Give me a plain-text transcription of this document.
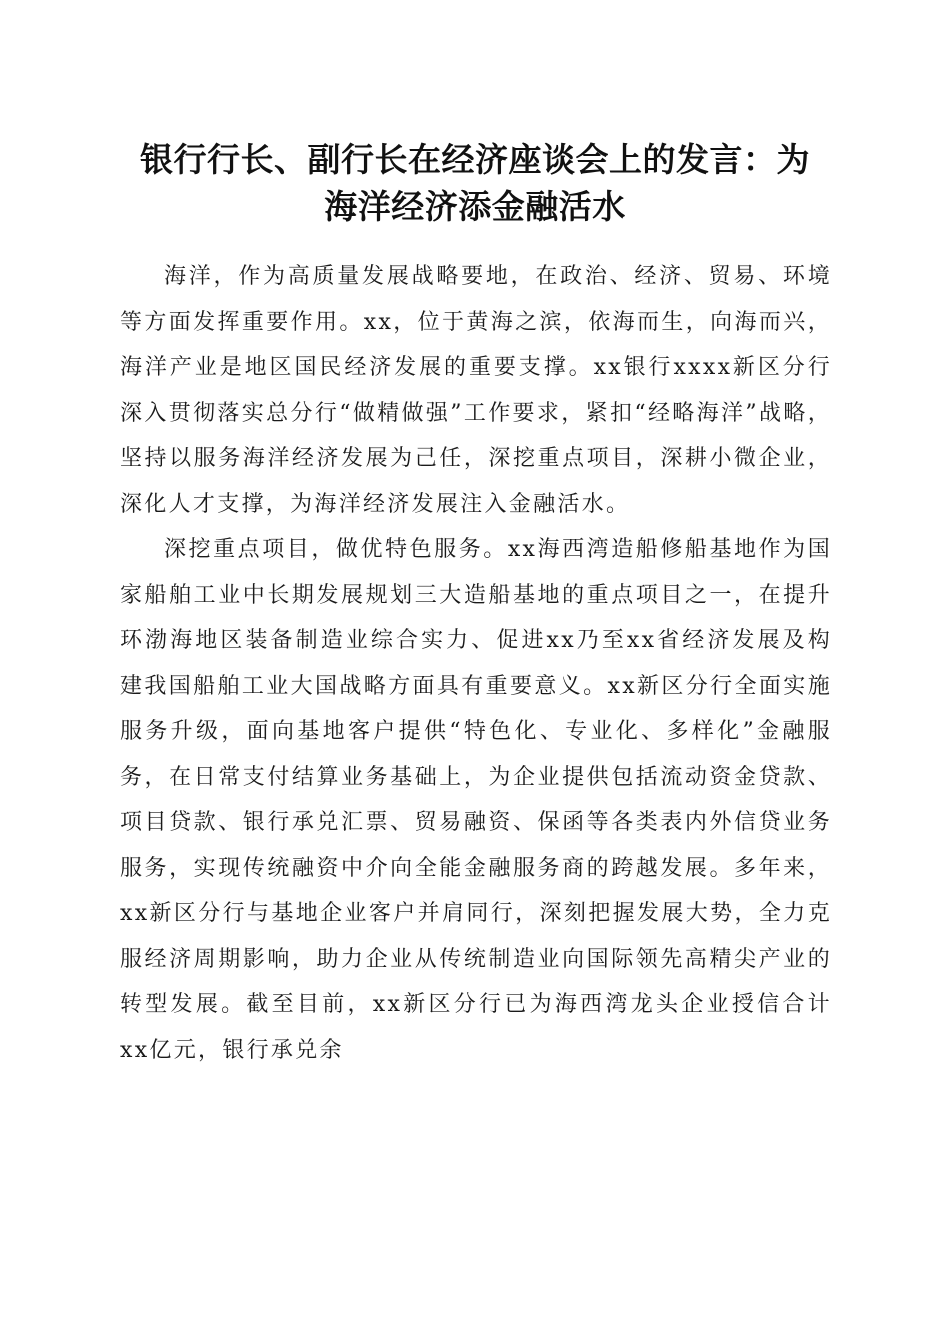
银行行长、副行长在经济座谈会上的发言：为
海洋经济添金融活水

海洋，作为高质量发展战略要地，在政治、经济、贸易、环境等方面发挥重要作用。xx，位于黄海之滨，依海而生，向海而兴，海洋产业是地区国民经济发展的重要支撑。xx银行xxxx新区分行深入贯彻落实总分行“做精做强”工作要求，紧扣“经略海洋”战略，坚持以服务海洋经济发展为己任，深挖重点项目，深耕小微企业，深化人才支撑，为海洋经济发展注入金融活水。

深挖重点项目，做优特色服务。xx海西湾造船修船基地作为国家船舶工业中长期发展规划三大造船基地的重点项目之一，在提升环渤海地区装备制造业综合实力、促进xx乃至xx省经济发展及构建我国船舶工业大国战略方面具有重要意义。xx新区分行全面实施服务升级，面向基地客户提供“特色化、专业化、多样化”金融服务，在日常支付结算业务基础上，为企业提供包括流动资金贷款、项目贷款、银行承兑汇票、贸易融资、保函等各类表内外信贷业务服务，实现传统融资中介向全能金融服务商的跨越发展。多年来，xx新区分行与基地企业客户并肩同行，深刻把握发展大势，全力克服经济周期影响，助力企业从传统制造业向国际领先高精尖产业的转型发展。截至目前，xx新区分行已为海西湾龙头企业授信合计xx亿元，银行承兑余
